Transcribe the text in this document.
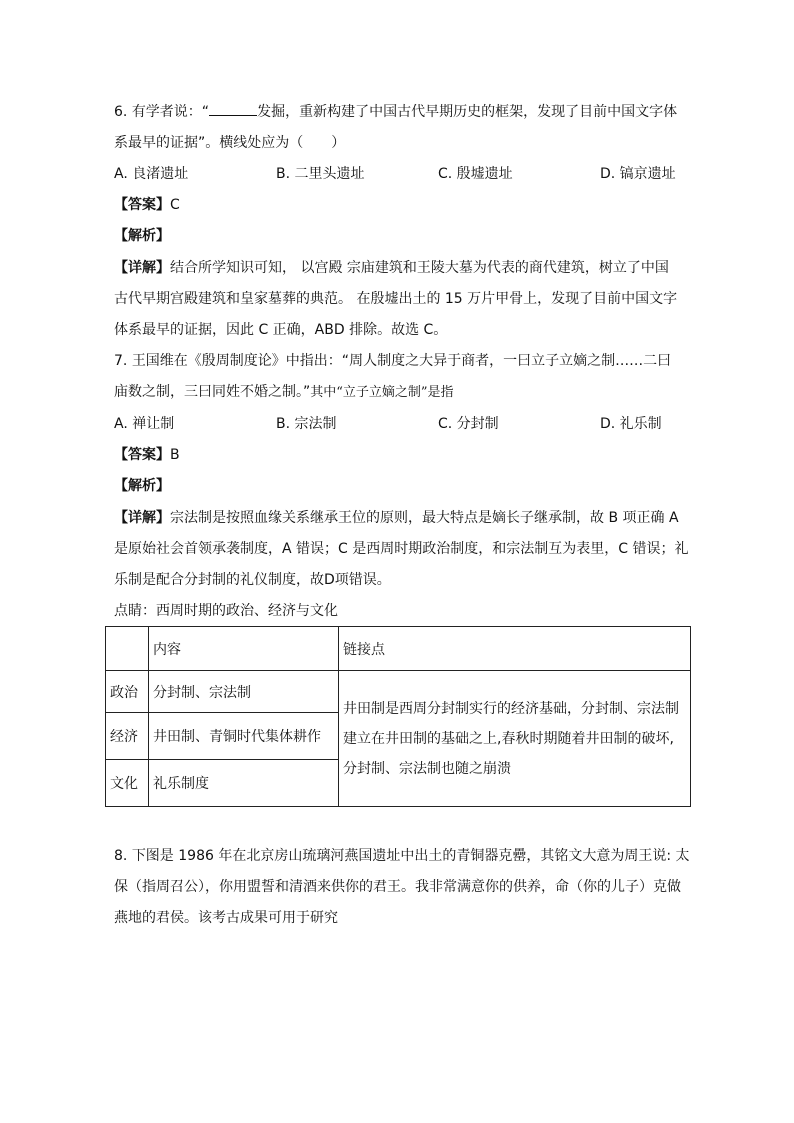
6. 有学者说：“	发掘，重新构建了中国古代早期历史的框架，发现了目前中国文字体
系最早的证据”。横线处应为（　　）
A. 良渚遗址	B. 二里头遗址	C. 殷墟遗址	D. 镐京遗址
【答案】C
【解析】
【详解】结合所学知识可知， 以宫殿 宗庙建筑和王陵大墓为代表的商代建筑，树立了中国
古代早期宫殿建筑和皇家墓葬的典范。 在殷墟出土的 15 万片甲骨上，发现了目前中国文字
体系最早的证据，因此 C 正确，ABD 排除。故选 C。
7. 王国维在《殷周制度论》中指出：“周人制度之大异于商者，一曰立子立嫡之制……二曰
庙数之制，三曰同姓不婚之制。”其中“立子立嫡之制”是指
A. 禅让制	B. 宗法制	C. 分封制	D. 礼乐制
【答案】B
【解析】
【详解】宗法制是按照血缘关系继承王位的原则，最大特点是嫡长子继承制，故 B 项正确 A
是原始社会首领承袭制度，A 错误；C 是西周时期政治制度，和宗法制互为表里，C 错误；礼
乐制是配合分封制的礼仪制度，故D项错误。
点睛：西周时期的政治、经济与文化
8. 下图是 1986 年在北京房山琉璃河燕国遗址中出土的青铜器克罍，其铭文大意为周王说: 太
保（指周召公），你用盟誓和清酒来供你的君王。我非常满意你的供养，命（你的儿子）克做
燕地的君侯。该考古成果可用于研究
	内容	链接点
政治	分封制、宗法制	井田制是西周分封制实行的经济基础，分封制、宗法制
建立在井田制的基础之上,春秋时期随着井田制的破坏,
分封制、宗法制也随之崩溃

经济	井田制、青铜时代集体耕作	
文化	礼乐制度	
